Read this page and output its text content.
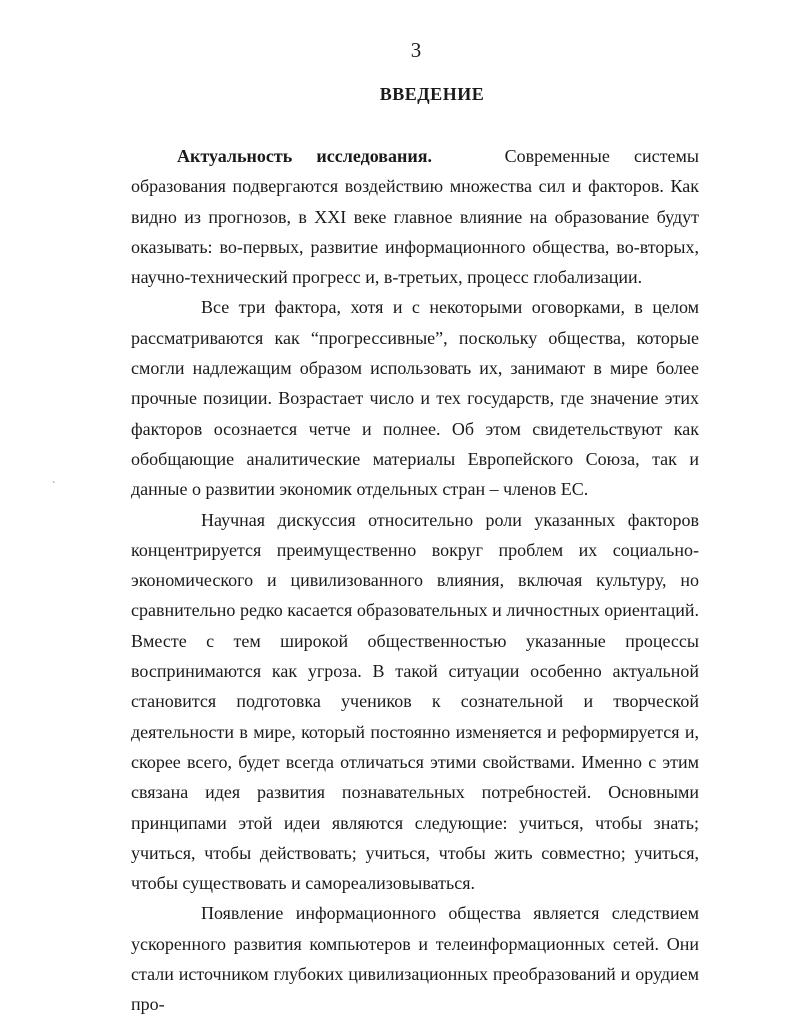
3
ВВЕДЕНИЕ
`

Актуальность исследования.	Современные системы образования подвергаются воздействию множества сил и факторов. Как видно из прогнозов, в XXI веке главное влияние на образование будут оказывать: во-первых, развитие информационного общества, во-вторых, научно-технический прогресс и, в-третьих, процесс глобализации.

Все три фактора, хотя и с некоторыми оговорками, в целом рассматриваются как “прогрессивные”, поскольку общества, которые смогли надлежащим образом использовать их, занимают в мире более прочные позиции. Возрастает число и тех государств, где значение этих факторов осознается четче и полнее. Об этом свидетельствуют как обобщающие аналитические материалы Европейского Союза, так и данные о развитии экономик отдельных стран – членов ЕС.

Научная дискуссия относительно роли указанных факторов концентрируется преимущественно вокруг проблем их социально-экономического и цивилизованного влияния, включая культуру, но сравнительно редко касается образовательных и личностных ориентаций. Вместе с тем широкой общественностью указанные процессы воспринимаются как угроза. В такой ситуации особенно актуальной становится подготовка учеников к сознательной и творческой деятельности в мире, который постоянно изменяется и реформируется и, скорее всего, будет всегда отличаться этими свойствами. Именно с этим связана идея развития познавательных потребностей. Основными принципами этой идеи являются следующие: учиться, чтобы знать; учиться, чтобы действовать; учиться, чтобы жить совместно; учиться, чтобы существовать и самореализовываться.

Появление информационного общества является следствием ускоренного развития компьютеров и телеинформационных сетей. Они стали источником глубоких цивилизационных преобразований и орудием про-
